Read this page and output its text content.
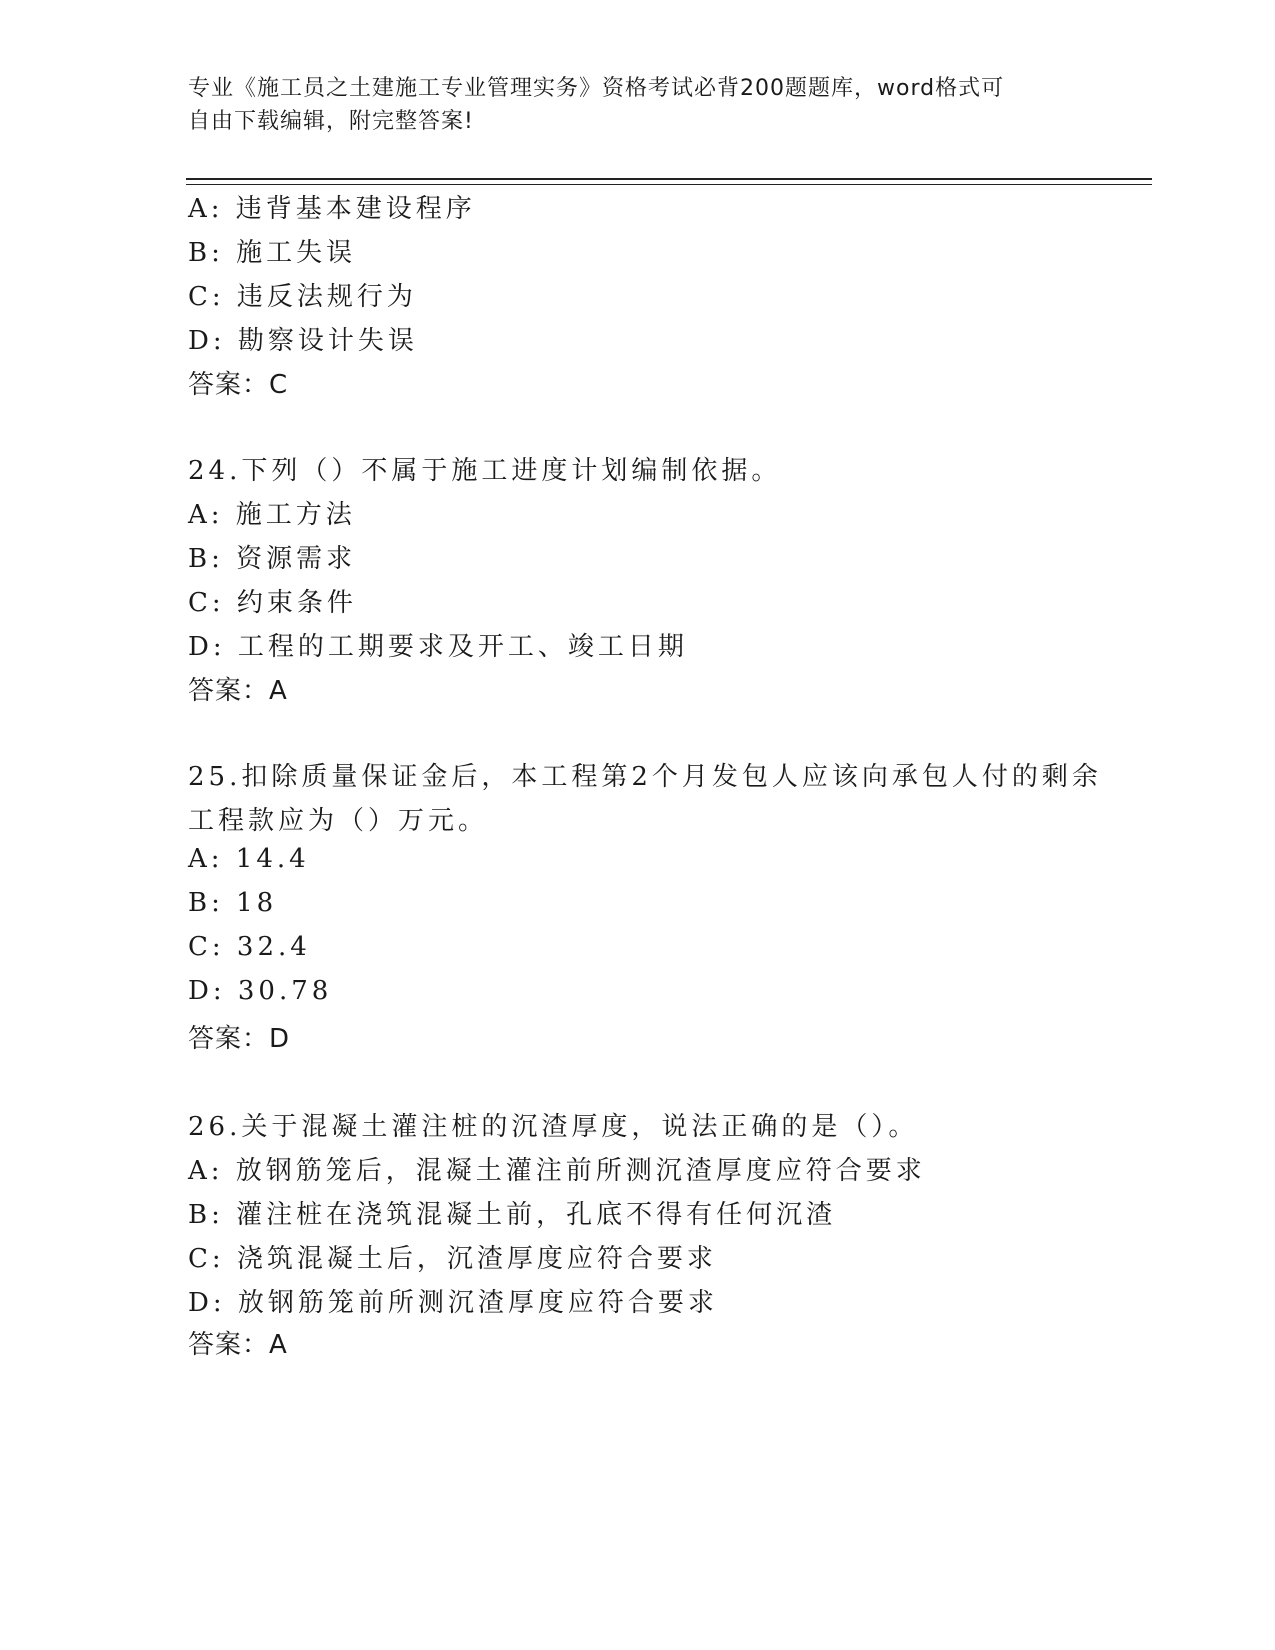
专业《施工员之土建施工专业管理实务》资格考试必背200题题库，word格式可
自由下载编辑，附完整答案!
A: 违背基本建设程序
B: 施工失误
C: 违反法规行为
D: 勘察设计失误
答案：C
24.下列（）不属于施工进度计划编制依据。
A: 施工方法
B: 资源需求
C: 约束条件
D: 工程的工期要求及开工、竣工日期
答案：A
25.扣除质量保证金后，本工程第2个月发包人应该向承包人付的剩余
工程款应为（）万元。
A: 14.4
B: 18
C: 32.4
D: 30.78
答案：D
26.关于混凝土灌注桩的沉渣厚度，说法正确的是（）。
A: 放钢筋笼后，混凝土灌注前所测沉渣厚度应符合要求
B: 灌注桩在浇筑混凝土前，孔底不得有任何沉渣
C: 浇筑混凝土后，沉渣厚度应符合要求
D: 放钢筋笼前所测沉渣厚度应符合要求
答案：A
